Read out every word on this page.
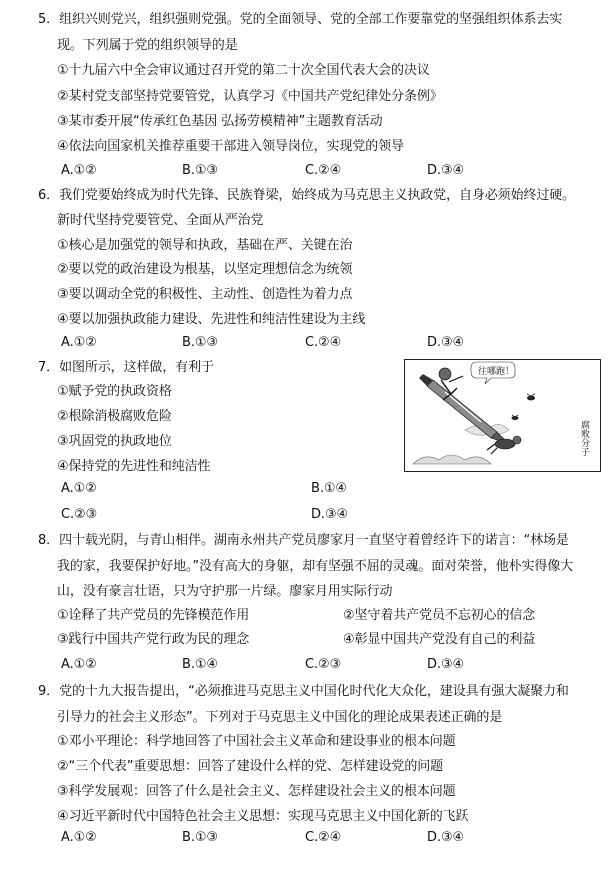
5．组织兴则党兴，组织强则党强。党的全面领导、党的全部工作要靠党的坚强组织体系去实
现。下列属于党的组织领导的是
①十九届六中全会审议通过召开党的第二十次全国代表大会的决议
②某村党支部坚持党要管党，认真学习《中国共产党纪律处分条例》
③某市委开展“传承红色基因 弘扬劳模精神”主题教育活动
④依法向国家机关推荐重要干部进入领导岗位，实现党的领导
A.①②	B.①③	C.②④	D.③④
6．我们党要始终成为时代先锋、民族脊梁，始终成为马克思主义执政党，自身必须始终过硬。
新时代坚持党要管党、全面从严治党
①核心是加强党的领导和执政，基础在严、关键在治
②要以党的政治建设为根基，以坚定理想信念为统领
③要以调动全党的积极性、主动性、创造性为着力点
④要以加强执政能力建设、先进性和纯洁性建设为主线
A.①②	B.①③	C.②④	D.③④
7．如图所示，这样做，有利于
①赋予党的执政资格
②根除消极腐败危险
③巩固党的执政地位
④保持党的先进性和纯洁性
A.①②	B.①④
C.②③	D.③④
往哪跑！
腐败分子
8．四十载光阴，与青山相伴。湖南永州共产党员廖家月一直坚守着曾经许下的诺言：“林场是
我的家，我要保护好地。”没有高大的身躯，却有坚强不屈的灵魂。面对荣誉，他朴实得像大
山，没有豪言壮语，只为守护那一片绿。廖家月用实际行动
①诠释了共产党员的先锋模范作用	②坚守着共产党员不忘初心的信念
③践行中国共产党行政为民的理念	④彰显中国共产党没有自己的利益
A.①②	B.①④	C.②③	D.③④
9．党的十九大报告提出，“必须推进马克思主义中国化时代化大众化，建设具有强大凝聚力和
引导力的社会主义形态”。下列对于马克思主义中国化的理论成果表述正确的是
①邓小平理论：科学地回答了中国社会主义革命和建设事业的根本问题
②“三个代表”重要思想：回答了建设什么样的党、怎样建设党的问题
③科学发展观：回答了什么是社会主义、怎样建设社会主义的根本问题
④习近平新时代中国特色社会主义思想：实现马克思主义中国化新的飞跃
A.①②	B.①③	C.②④	D.③④
